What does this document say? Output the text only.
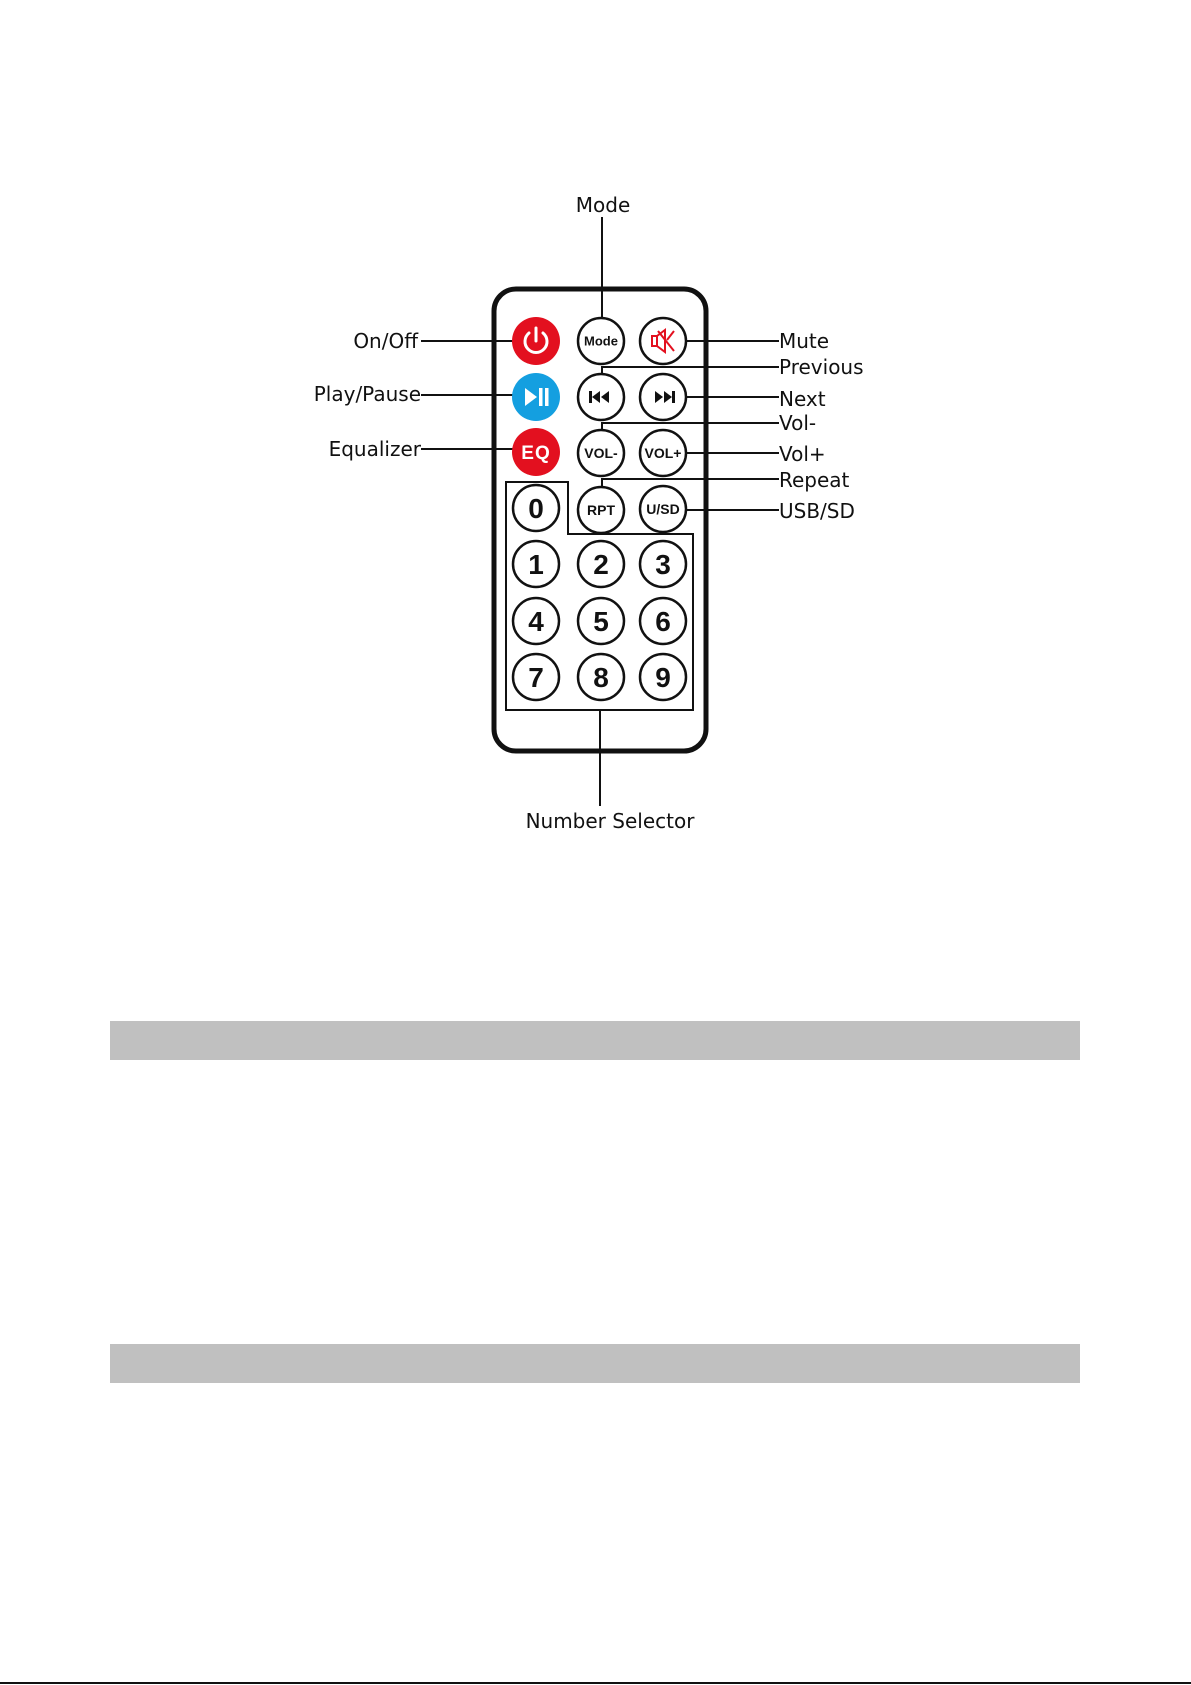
Mode
On/Off
Play/Pause
Equalizer
Mute
Previous
Next
Vol-
Vol+
Repeat
USB/SD
Number Selector
Mode
EQ VOL- VOL+
0	RPT U/SD
1 2 3
4 5 6
7 8 9
